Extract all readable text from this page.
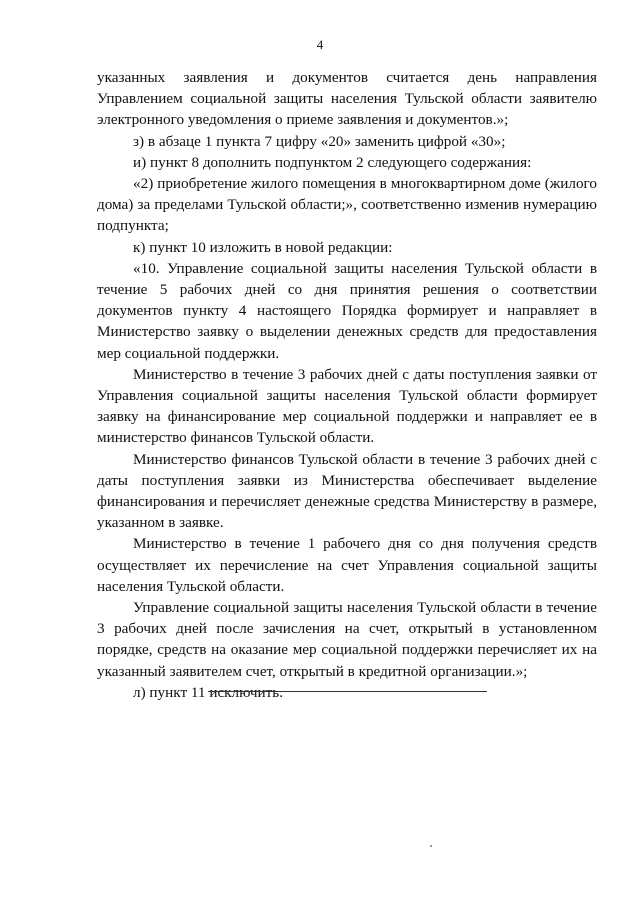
4

указанных заявления и документов считается день направления Управлением социальной защиты населения Тульской области заявителю электронного уведомления о приеме заявления и документов.»;

з) в абзаце 1 пункта 7 цифру «20» заменить цифрой «30»;

и) пункт 8 дополнить подпунктом 2 следующего содержания:

«2) приобретение жилого помещения в многоквартирном доме (жилого дома) за пределами Тульской области;», соответственно изменив нумерацию подпункта;

к) пункт 10 изложить в новой редакции:

«10. Управление социальной защиты населения Тульской области в течение 5 рабочих дней со дня принятия решения о соответствии документов пункту 4 настоящего Порядка формирует и направляет в Министерство заявку о выделении денежных средств для предоставления мер социальной поддержки.

Министерство в течение 3 рабочих дней с даты поступления заявки от Управления социальной защиты населения Тульской области формирует заявку на финансирование мер социальной поддержки и направляет ее в министерство финансов Тульской области.

Министерство финансов Тульской области в течение 3 рабочих дней с даты поступления заявки из Министерства обеспечивает выделение финансирования и перечисляет денежные средства Министерству в размере, указанном в заявке.

Министерство в течение 1 рабочего дня со дня получения средств осуществляет их перечисление на счет Управления социальной защиты населения Тульской области.

Управление социальной защиты населения Тульской области в течение 3 рабочих дней после зачисления на счет, открытый в установленном порядке, средств на оказание мер социальной поддержки перечисляет их на указанный заявителем счет, открытый в кредитной организации.»;

л) пункт 11 исключить.
